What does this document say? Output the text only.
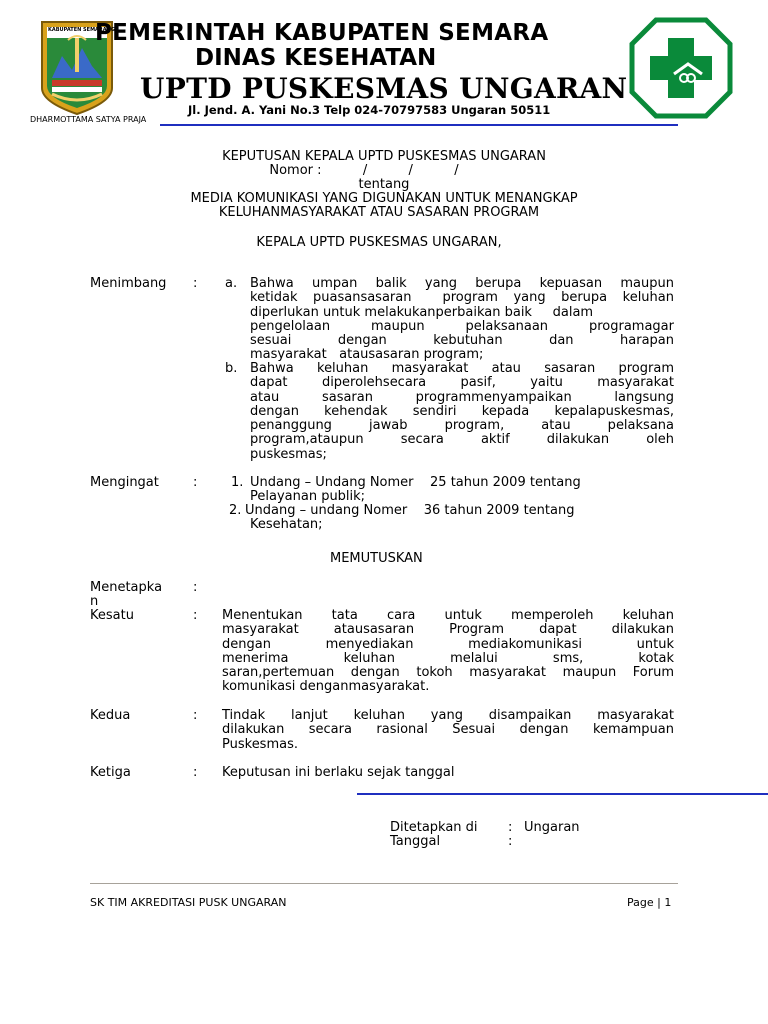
KABUPATEN SEMARANG
PEMERINTAH KABUPATEN SEMARA
DINAS KESEHATAN
UPTD PUSKESMAS UNGARAN
Jl. Jend. A. Yani No.3 Telp 024-70797583 Ungaran 50511
DHARMOTTAMA SATYA PRAJA
KEPUTUSAN KEPALA UPTD PUSKESMAS UNGARAN
Nomor :          /          /          /
tentang
MEDIA KOMUNIKASI YANG DIGUNAKAN UNTUK MENANGKAP
KELUHANMASYARAKAT ATAU SASARAN PROGRAM
KEPALA UPTD PUSKESMAS UNGARAN,
Menimbang	:	a. Bahwa umpan balik yang berupa kepuasan maupun
ketidak puasansasaran  program yang berupa keluhan
diperlukan untuk melakukanperbaikan baik     dalam
pengelolaan maupun pelaksanaan programagar
sesuai dengan kebutuhan dan harapan
masyarakat   atausasaran program;
b. Bahwa keluhan masyarakat atau sasaran program
dapat diperolehsecara pasif, yaitu masyarakat
atau sasaran programmenyampaikan langsung
dengan kehendak sendiri kepada kepalapuskesmas,
penanggung jawab program, atau pelaksana
program,ataupun secara aktif dilakukan oleh
puskesmas;
Mengingat	:	1. Undang – Undang Nomer    25 tahun 2009 tentang
Pelayanan publik;
2. Undang – undang Nomer    36 tahun 2009 tentang
Kesehatan;
MEMUTUSKAN
Menetapka
n
:
Kesatu	:	Menentukan tata cara untuk memperoleh keluhan
masyarakat atausasaran Program dapat dilakukan
dengan menyediakan mediakomunikasi untuk
menerima keluhan melalui sms, kotak
saran,pertemuan dengan tokoh masyarakat maupun Forum
komunikasi denganmasyarakat.
Kedua	:	Tindak lanjut keluhan yang disampaikan masyarakat
dilakukan secara rasional Sesuai dengan kemampuan
Puskesmas.
Ketiga	:	Keputusan ini berlaku sejak tanggal
Ditetapkan di : Ungaran
Tanggal	:
SK TIM AKREDITASI PUSK UNGARAN	Page | 1
